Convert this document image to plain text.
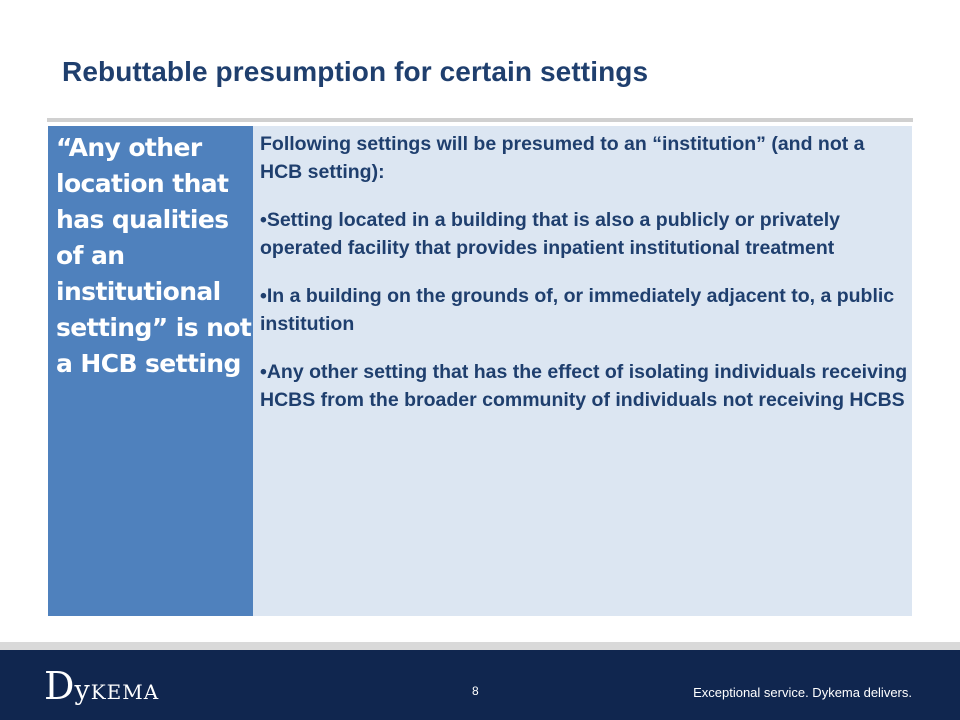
Rebuttable presumption for certain settings

“Any other location that has qualities of an institutional setting” is not a HCB setting

Following settings will be presumed to an “institution” (and not a HCB setting):

•Setting located in a building that is also a publicly or privately operated facility that provides inpatient institutional treatment

•In a building on the grounds of, or immediately adjacent to, a public institution

•Any other setting that has the effect of isolating individuals receiving HCBS from the broader community of individuals not receiving HCBS

DyKEMA	8	Exceptional service. Dykema delivers.
